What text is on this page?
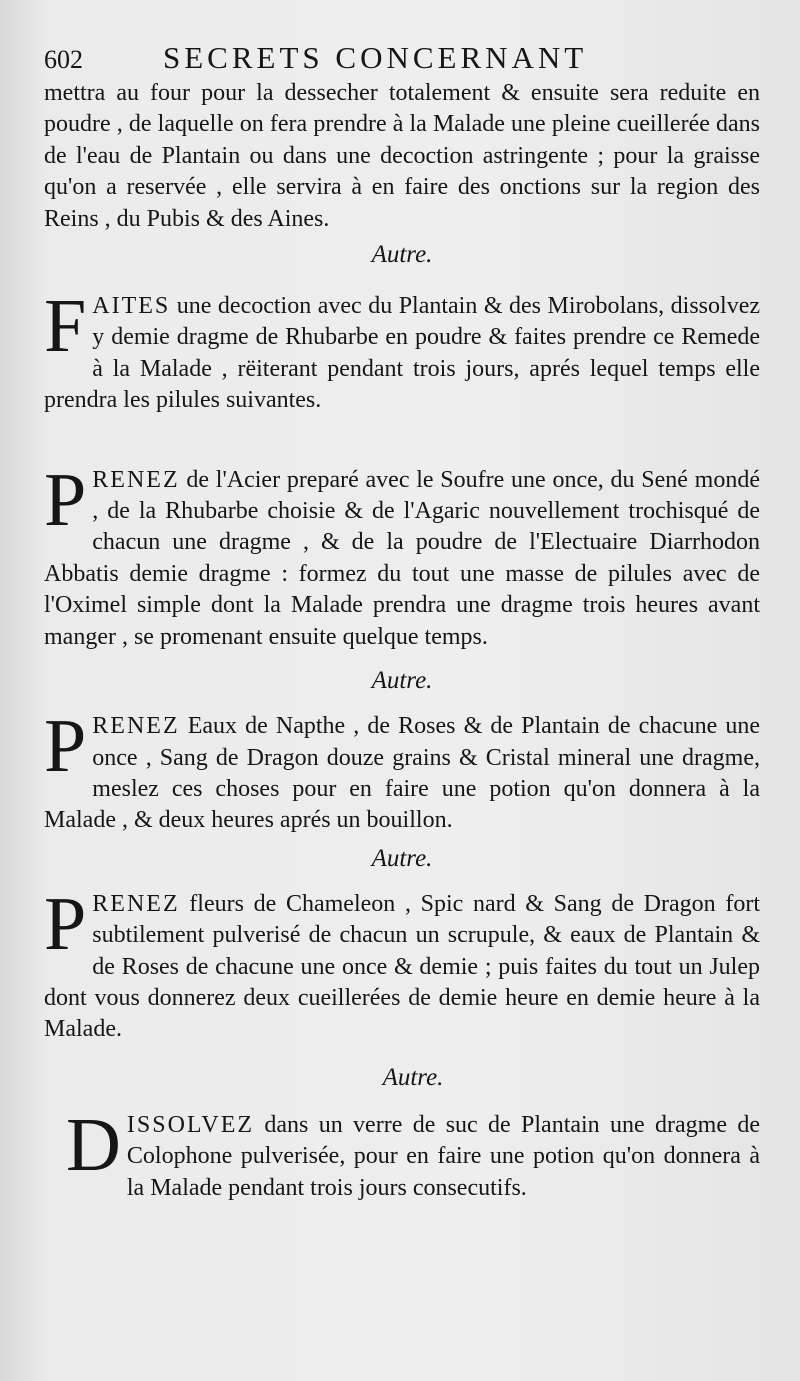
602	SECRETS CONCERNANT

mettra au four pour la dessecher totalement & ensuite sera reduite en poudre , de laquelle on fera prendre à la Malade une pleine cueillerée dans de l'eau de Plantain ou dans une decoction astringente ; pour la graisse qu'on a reservée , elle servira à en faire des onctions sur la region des Reins , du Pubis & des Aines.

Autre.

FAITES une decoction avec du Plantain & des Mirobolans, dissolvez y demie dragme de Rhubarbe en poudre & faites prendre ce Remede à la Malade , rëiterant pendant trois jours, aprés lequel temps elle prendra les pilules suivantes.

PRENEZ de l'Acier preparé avec le Soufre une once, du Sené mondé , de la Rhubarbe choisie & de l'Agaric nouvellement trochisqué de chacun une dragme , & de la poudre de l'Electuaire Diarrhodon Abbatis demie dragme : formez du tout une masse de pilules avec de l'Oximel simple dont la Malade prendra une dragme trois heures avant manger , se promenant ensuite quelque temps.

Autre.

PRENEZ Eaux de Napthe , de Roses & de Plantain de chacune une once , Sang de Dragon douze grains & Cristal mineral une dragme, meslez ces choses pour en faire une potion qu'on donnera à la Malade , & deux heures aprés un bouillon.

Autre.

PRENEZ fleurs de Chameleon , Spic nard & Sang de Dragon fort subtilement pulverisé de chacun un scrupule, & eaux de Plantain & de Roses de chacune une once & demie ; puis faites du tout un Julep dont vous donnerez deux cueillerées de demie heure en demie heure à la Malade.

Autre.

DISSOLVEZ dans un verre de suc de Plantain une dragme de Colophone pulverisée, pour en faire une potion qu'on donnera à la Malade pendant trois jours consecutifs.
